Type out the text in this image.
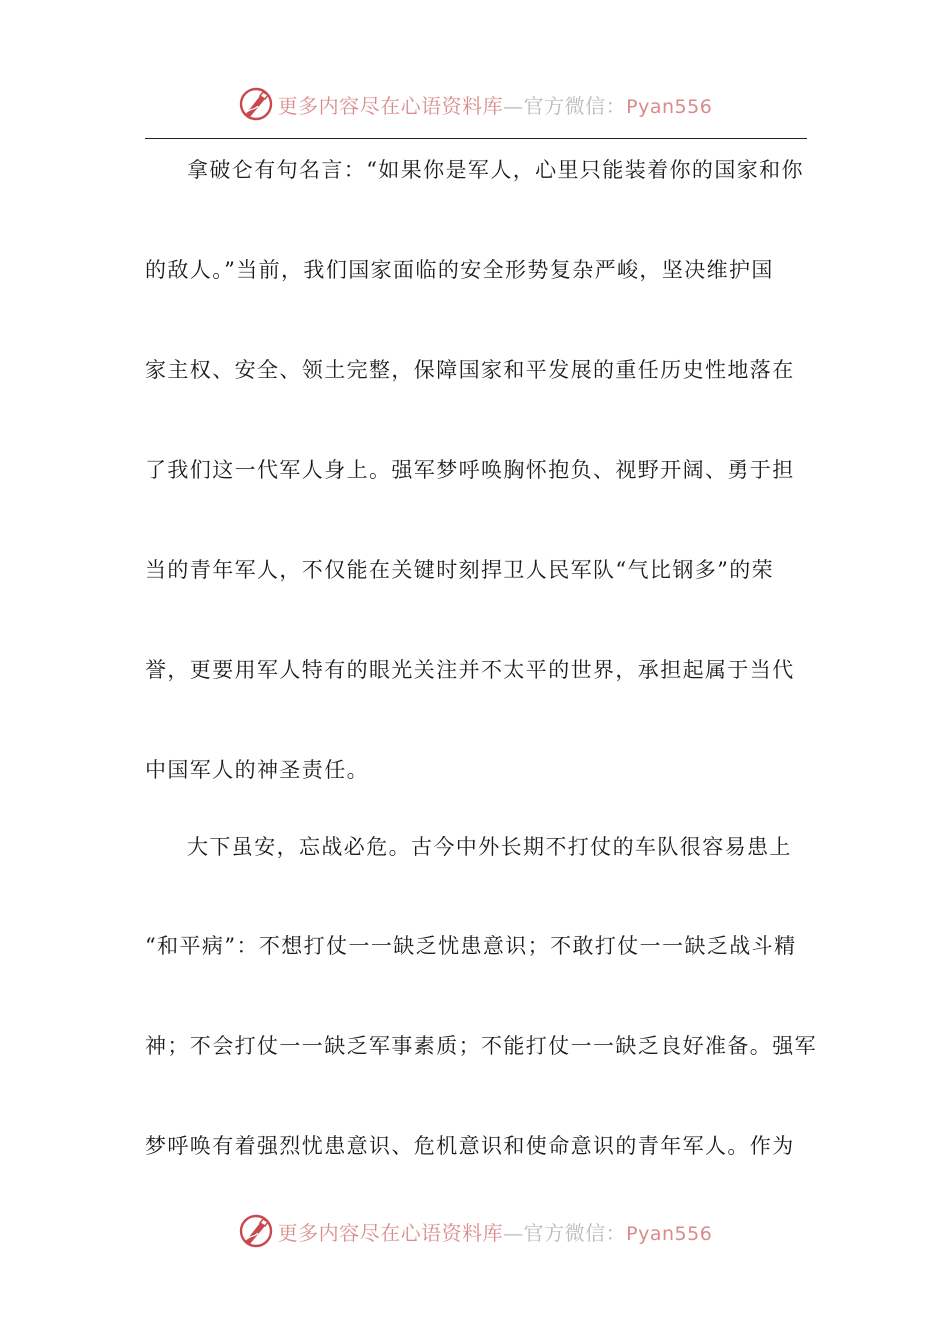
更多内容尽在心语资料库—官方微信：Pyan556
拿破仑有句名言：“如果你是军人，心里只能装着你的国家和你
的敌人。”当前，我们国家面临的安全形势复杂严峻，坚决维护国
家主权、安全、领土完整，保障国家和平发展的重任历史性地落在
了我们这一代军人身上。强军梦呼唤胸怀抱负、视野开阔、勇于担
当的青年军人，不仅能在关键时刻捍卫人民军队“气比钢多”的荣
誉，更要用军人特有的眼光关注并不太平的世界，承担起属于当代
中国军人的神圣责任。
大下虽安，忘战必危。古今中外长期不打仗的车队很容易患上
“和平病”：不想打仗一一缺乏忧患意识；不敢打仗一一缺乏战斗精
神；不会打仗一一缺乏军事素质；不能打仗一一缺乏良好准备。强军
梦呼唤有着强烈忧患意识、危机意识和使命意识的青年军人。作为
更多内容尽在心语资料库—官方微信：Pyan556
